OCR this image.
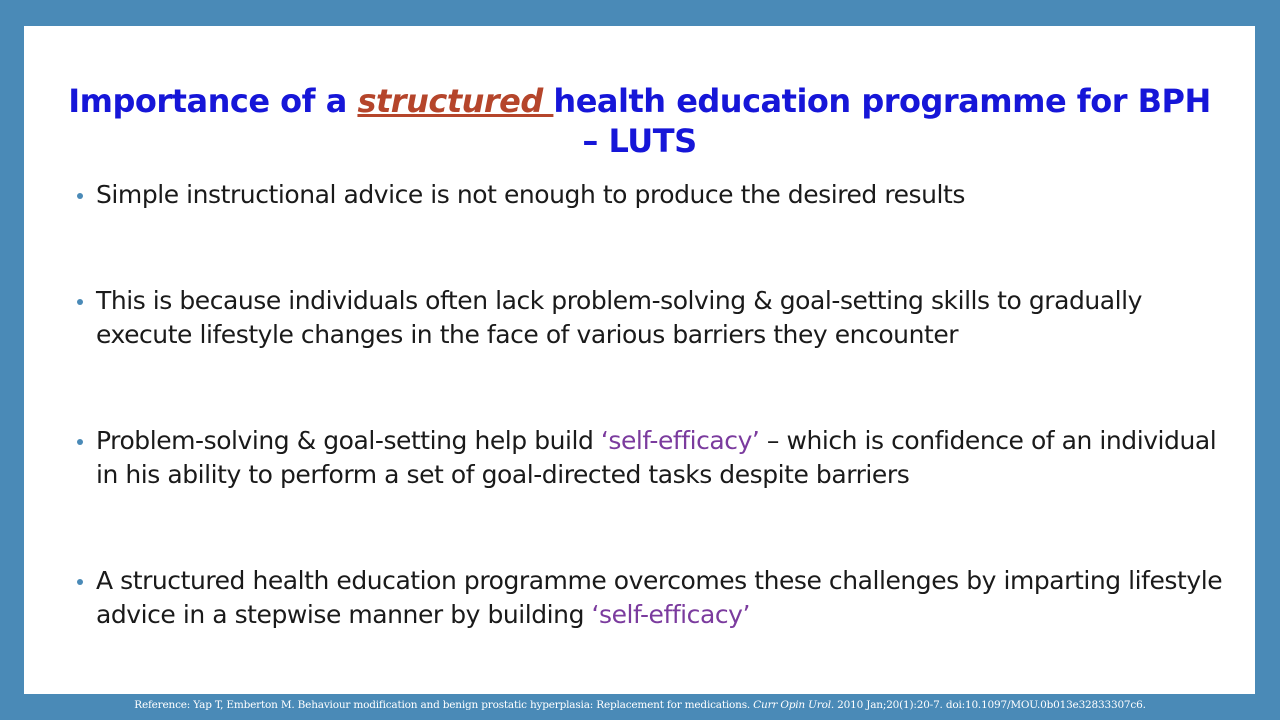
Importance of a structured health education programme for BPH – LUTS
Simple instructional advice is not enough to produce the desired results
This is because individuals often lack problem-solving & goal-setting skills to gradually execute lifestyle changes in the face of various barriers they encounter
Problem-solving & goal-setting help build ‘self-efficacy’ – which is confidence of an individual in his ability to perform a set of goal-directed tasks despite barriers
A structured health education programme overcomes these challenges by imparting lifestyle advice in a stepwise manner by building ‘self-efficacy’
Reference: Yap T, Emberton M. Behaviour modification and benign prostatic hyperplasia: Replacement for medications. Curr Opin Urol. 2010 Jan;20(1):20-7. doi:10.1097/MOU.0b013e32833307c6.
